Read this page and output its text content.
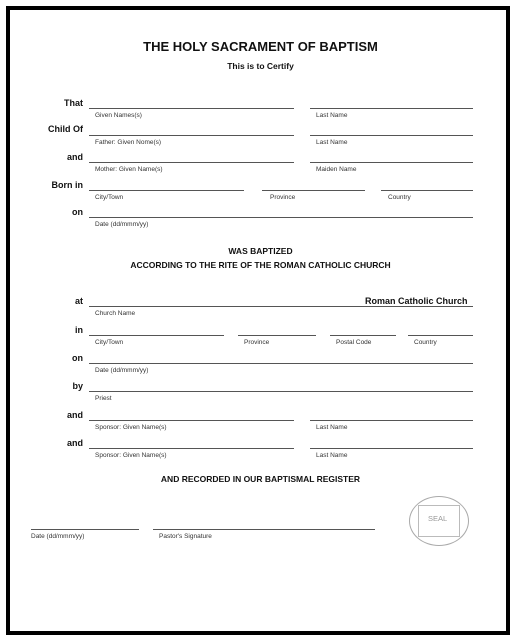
THE HOLY SACRAMENT OF BAPTISM
This is to Certify
That
Given Names(s)	Last Name
Child Of
Father: Given Nome(s)	Last Name
and
Mother: Given Name(s)	Maiden Name
Born in
City/Town	Province	Country
on
Date (dd/mmm/yy)
WAS BAPTIZED
ACCORDING TO THE RITE OF THE ROMAN CATHOLIC CHURCH
at	Roman Catholic Church
Church Name
in
City/Town	Province	Postal Code	Country
on
Date (dd/mmm/yy)
by
Priest
and
Sponsor: Given Name(s)	Last Name
and
Sponsor: Given Name(s)	Last Name
AND RECORDED IN OUR BAPTISMAL REGISTER
Date (dd/mmm/yy)	Pastor's Signature
SEAL
